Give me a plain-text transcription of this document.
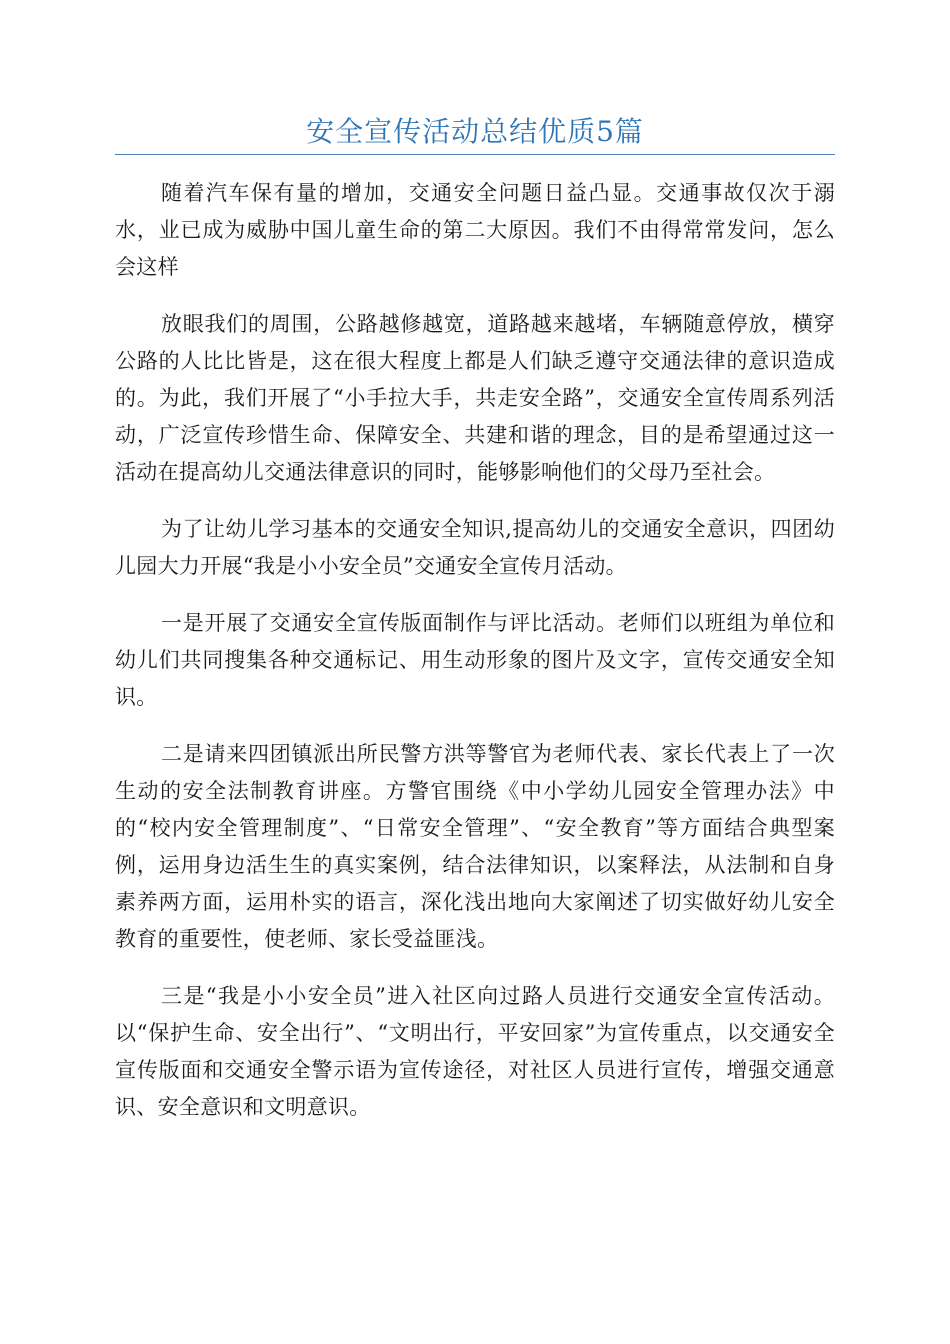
安全宣传活动总结优质5篇

随着汽车保有量的增加，交通安全问题日益凸显。交通事故仅次于溺水，业已成为威胁中国儿童生命的第二大原因。我们不由得常常发问，怎么会这样

放眼我们的周围，公路越修越宽，道路越来越堵，车辆随意停放，横穿公路的人比比皆是，这在很大程度上都是人们缺乏遵守交通法律的意识造成的。为此，我们开展了“小手拉大手，共走安全路”，交通安全宣传周系列活动，广泛宣传珍惜生命、保障安全、共建和谐的理念，目的是希望通过这一活动在提高幼儿交通法律意识的同时，能够影响他们的父母乃至社会。

为了让幼儿学习基本的交通安全知识,提高幼儿的交通安全意识，四团幼儿园大力开展“我是小小安全员”交通安全宣传月活动。

一是开展了交通安全宣传版面制作与评比活动。老师们以班组为单位和幼儿们共同搜集各种交通标记、用生动形象的图片及文字，宣传交通安全知识。

二是请来四团镇派出所民警方洪等警官为老师代表、家长代表上了一次生动的安全法制教育讲座。方警官围绕《中小学幼儿园安全管理办法》中的“校内安全管理制度”、“日常安全管理”、“安全教育”等方面结合典型案例，运用身边活生生的真实案例，结合法律知识，以案释法，从法制和自身素养两方面，运用朴实的语言，深化浅出地向大家阐述了切实做好幼儿安全教育的重要性，使老师、家长受益匪浅。

三是“我是小小安全员”进入社区向过路人员进行交通安全宣传活动。以“保护生命、安全出行”、“文明出行，平安回家”为宣传重点，以交通安全宣传版面和交通安全警示语为宣传途径，对社区人员进行宣传，增强交通意识、安全意识和文明意识。
